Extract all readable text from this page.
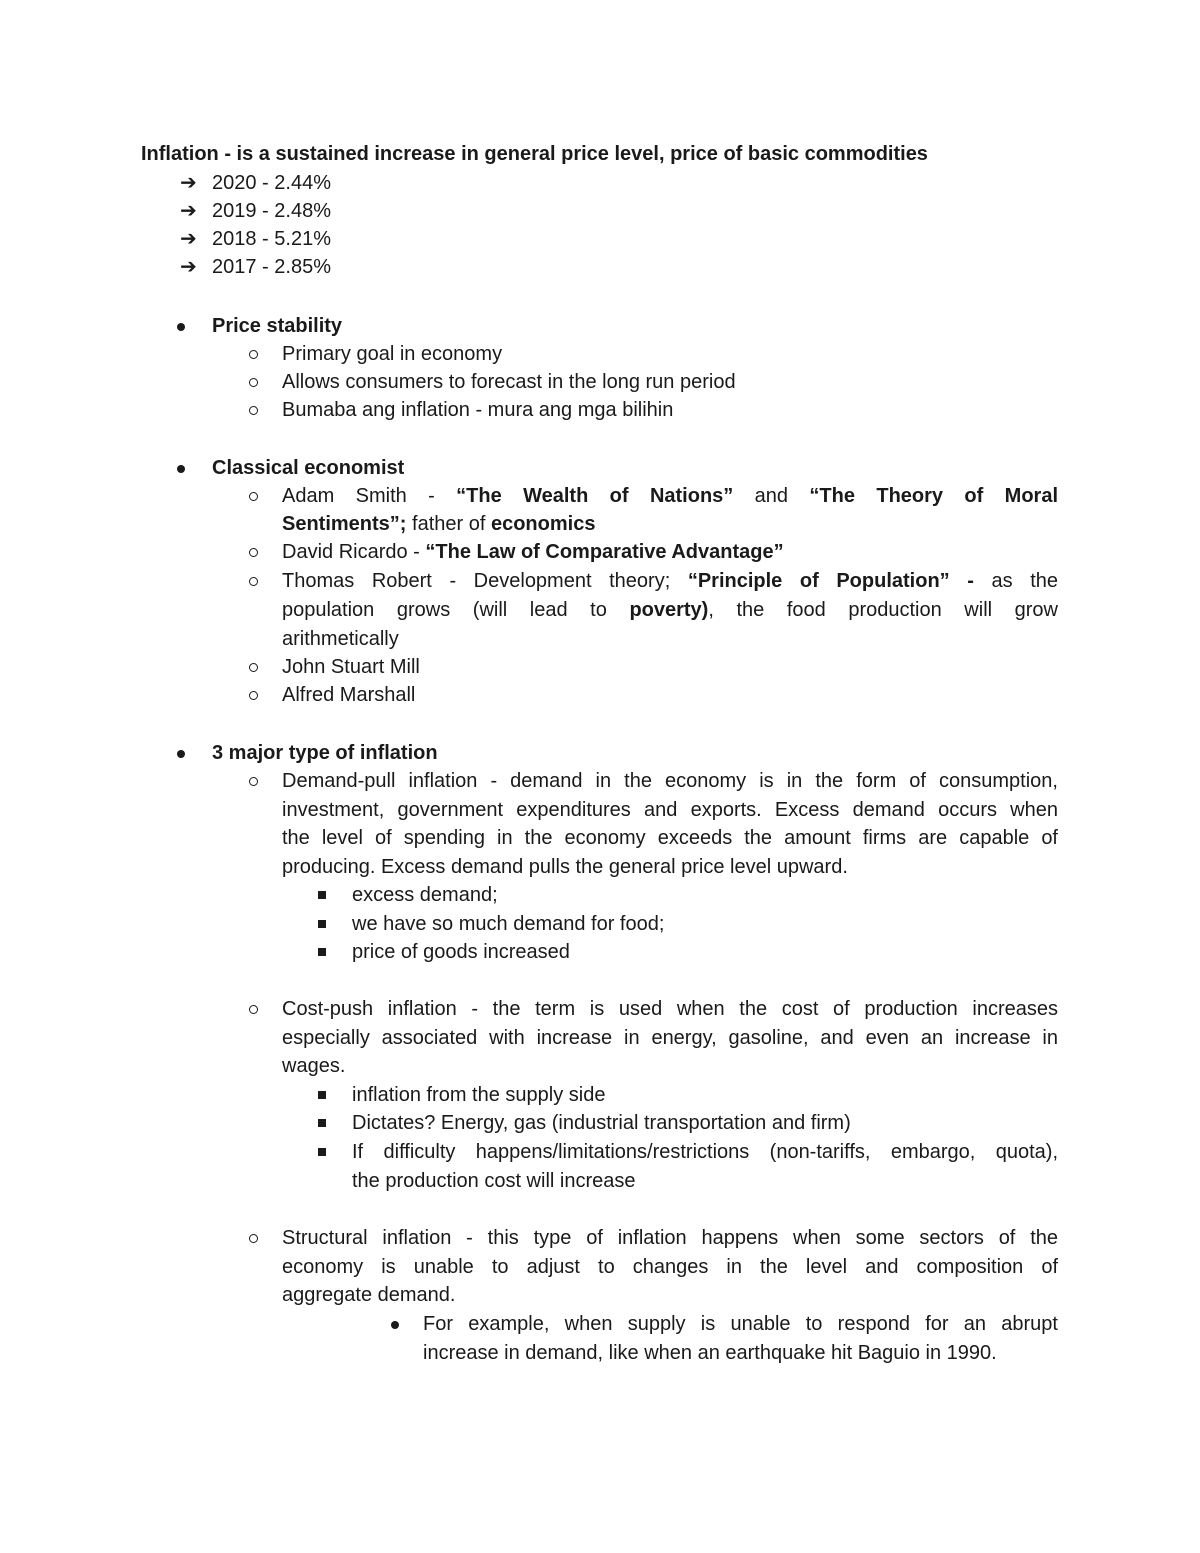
Inflation - is a sustained increase in general price level, price of basic commodities
➔ 2020 - 2.44%
➔ 2019 - 2.48%
➔ 2018 - 5.21%
➔ 2017 - 2.85%
Price stability
Primary goal in economy
Allows consumers to forecast in the long run period
Bumaba ang inflation - mura ang mga bilihin
Classical economist
Adam Smith - “The Wealth of Nations” and “The Theory of Moral
Sentiments”; father of economics
David Ricardo - “The Law of Comparative Advantage”
Thomas Robert - Development theory; “Principle of Population” - as the
population grows (will lead to poverty), the food production will grow
arithmetically
John Stuart Mill
Alfred Marshall
3 major type of inflation
Demand-pull inflation - demand in the economy is in the form of consumption,
investment, government expenditures and exports. Excess demand occurs when
the level of spending in the economy exceeds the amount firms are capable of
producing. Excess demand pulls the general price level upward.
excess demand;
we have so much demand for food;
price of goods increased
Cost-push inflation - the term is used when the cost of production increases
especially associated with increase in energy, gasoline, and even an increase in
wages.
inflation from the supply side
Dictates? Energy, gas (industrial transportation and firm)
If difficulty happens/limitations/restrictions (non-tariffs, embargo, quota),
the production cost will increase
Structural inflation - this type of inflation happens when some sectors of the
economy is unable to adjust to changes in the level and composition of
aggregate demand.
For example, when supply is unable to respond for an abrupt
increase in demand, like when an earthquake hit Baguio in 1990.
